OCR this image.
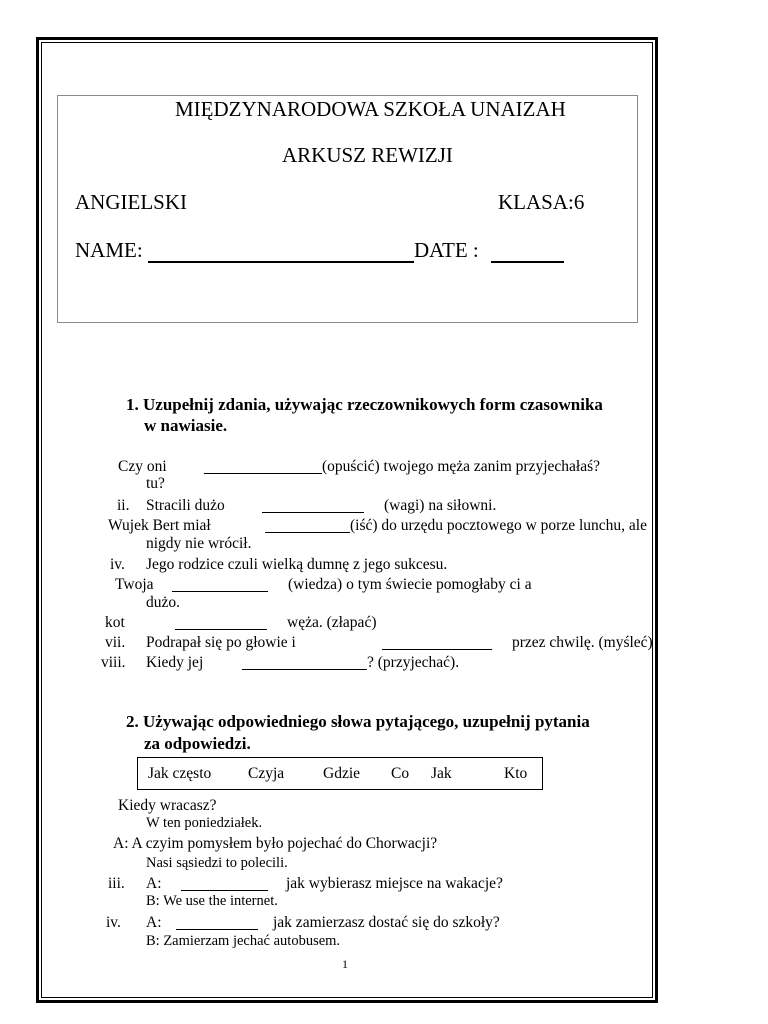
MIĘDZYNARODOWA SZKOŁA UNAIZAH
ARKUSZ REWIZJI
ANGIELSKI	KLASA:6
NAME:	DATE :
1. Uzupełnij zdania, używając rzeczownikowych form czasownika
w nawiasie.
Czy oni	(opuścić) twojego męża zanim przyjechałaś?
tu?
ii. Stracili dużo	(wagi) na siłowni.
Wujek Bert miał	(iść) do urzędu pocztowego w porze lunchu, ale
nigdy nie wrócił.
iv. Jego rodzice czuli wielką dumnę z jego sukcesu.
Twoja	(wiedza) o tym świecie pomogłaby ci a
dużo.
kot	węża. (złapać)
vii. Podrapał się po głowie i	przez chwilę. (myśleć)
viii. Kiedy jej	? (przyjechać).
2. Używając odpowiedniego słowa pytającego, uzupełnij pytania
za odpowiedzi.
Jak często Czyja	Gdzie Co Jak	Kto
Kiedy wracasz?
W ten poniedziałek.
A: A czyim pomysłem było pojechać do Chorwacji?
Nasi sąsiedzi to polecili.
iii. A:	jak wybierasz miejsce na wakacje?
B: We use the internet.
iv. A:	jak zamierzasz dostać się do szkoły?
B: Zamierzam jechać autobusem.
1
